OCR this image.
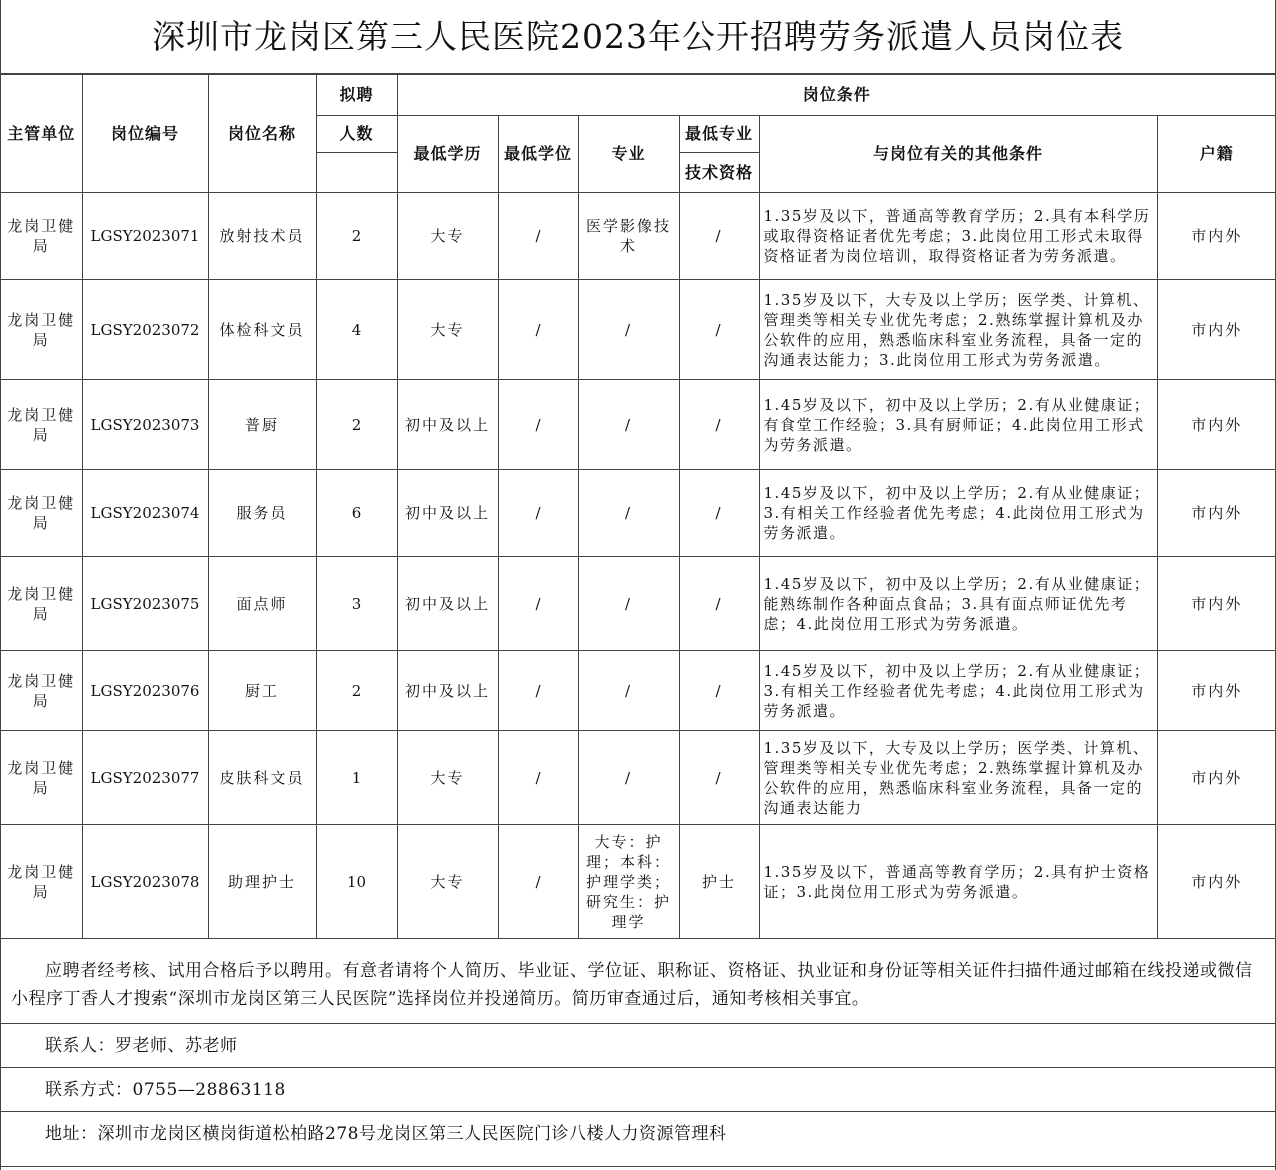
深圳市龙岗区第三人民医院2023年公开招聘劳务派遣人员岗位表
主管单位	岗位编号	岗位名称	拟聘	岗位条件					
			人数	最低学历	最低学位	专业	最低专业	与岗位有关的其他条件	户籍
							技术资格		
龙岗卫健局	LGSY2023071	放射技术员	2	大专	/	医学影像技术	/	1.35岁及以下，普通高等教育学历；2.具有本科学历或取得资格证者优先考虑；3.此岗位用工形式未取得资格证者为岗位培训，取得资格证者为劳务派遣。	市内外
龙岗卫健局	LGSY2023072	体检科文员	4	大专	/	/	/	1.35岁及以下，大专及以上学历；医学类、计算机、管理类等相关专业优先考虑；2.熟练掌握计算机及办公软件的应用，熟悉临床科室业务流程，具备一定的沟通表达能力；3.此岗位用工形式为劳务派遣。	市内外
龙岗卫健局	LGSY2023073	普厨	2	初中及以上	/	/	/	1.45岁及以下，初中及以上学历；2.有从业健康证；有食堂工作经验；3.具有厨师证；4.此岗位用工形式为劳务派遣。	市内外
龙岗卫健局	LGSY2023074	服务员	6	初中及以上	/	/	/	1.45岁及以下，初中及以上学历；2.有从业健康证；3.有相关工作经验者优先考虑；4.此岗位用工形式为劳务派遣。	市内外
龙岗卫健局	LGSY2023075	面点师	3	初中及以上	/	/	/	1.45岁及以下，初中及以上学历；2.有从业健康证；能熟练制作各种面点食品；3.具有面点师证优先考虑；4.此岗位用工形式为劳务派遣。	市内外
龙岗卫健局	LGSY2023076	厨工	2	初中及以上	/	/	/	1.45岁及以下，初中及以上学历；2.有从业健康证；3.有相关工作经验者优先考虑；4.此岗位用工形式为劳务派遣。	市内外
龙岗卫健局	LGSY2023077	皮肤科文员	1	大专	/	/	/	1.35岁及以下，大专及以上学历；医学类、计算机、管理类等相关专业优先考虑；2.熟练掌握计算机及办公软件的应用，熟悉临床科室业务流程，具备一定的沟通表达能力	市内外
龙岗卫健局	LGSY2023078	助理护士	10	大专	/	大专：护理；本科：护理学类；研究生：护理学	护士	1.35岁及以下，普通高等教育学历；2.具有护士资格证；3.此岗位用工形式为劳务派遣。	市内外
应聘者经考核、试用合格后予以聘用。有意者请将个人简历、毕业证、学位证、职称证、资格证、执业证和身份证等相关证件扫描件通过邮箱在线投递或微信小程序丁香人才搜索“深圳市龙岗区第三人民医院”选择岗位并投递简历。简历审查通过后，通知考核相关事宜。
联系人：罗老师、苏老师
联系方式：0755—28863118
地址：深圳市龙岗区横岗街道松柏路278号龙岗区第三人民医院门诊八楼人力资源管理科
